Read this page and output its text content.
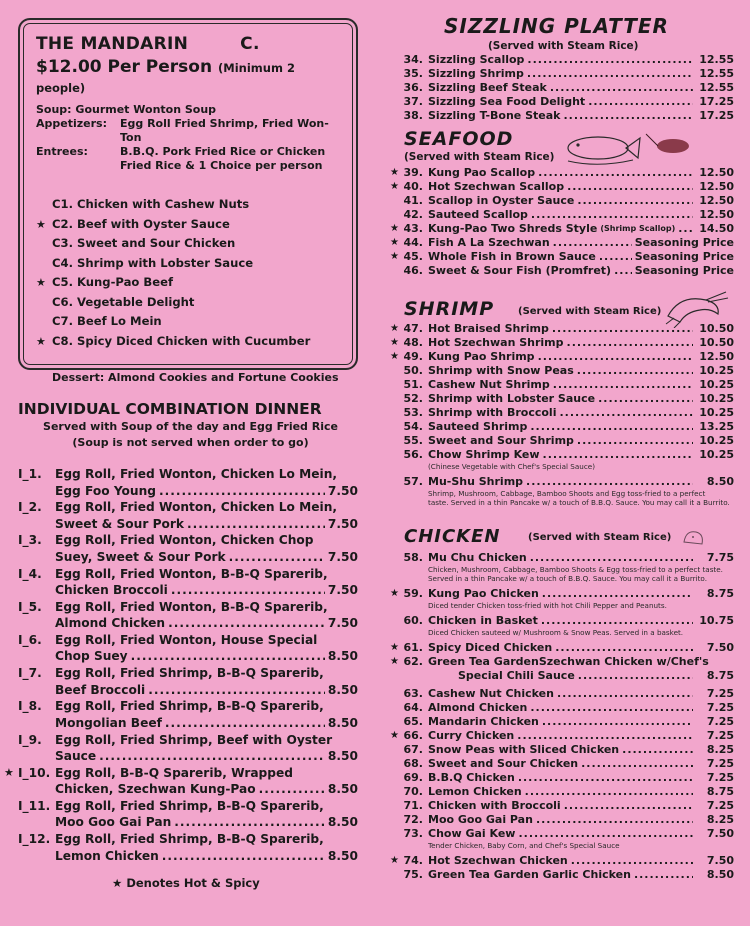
THE MANDARIN	C.
$12.00 Per Person (Minimum 2 people)
Soup: Gourmet Wonton Soup
Appetizers:	Egg Roll Fried Shrimp, Fried Won-Ton
Entrees:	B.B.Q. Pork Fried Rice or Chicken
Fried Rice & 1 Choice per person
C1. Chicken with Cashew Nuts
★ C2. Beef with Oyster Sauce
C3. Sweet and Sour Chicken
C4. Shrimp with Lobster Sauce
★ C5. Kung-Pao Beef
C6. Vegetable Delight
C7. Beef Lo Mein
★ C8. Spicy Diced Chicken with Cucumber
Dessert: Almond Cookies and Fortune Cookies
INDIVIDUAL COMBINATION DINNER
Served with Soup of the day and Egg Fried Rice
(Soup is not served when order to go)
I_1. Egg Roll, Fried Wonton, Chicken Lo Mein,
Egg Foo Young .....	7.50
I_2. Egg Roll, Fried Wonton, Chicken Lo Mein,
Sweet & Sour Pork .....	7.50
I_3. Egg Roll, Fried Wonton, Chicken Chop
Suey, Sweet & Sour Pork .....	7.50
I_4. Egg Roll, Fried Wonton, B-B-Q Sparerib,
Chicken Broccoli .....	7.50
I_5. Egg Roll, Fried Wonton, B-B-Q Sparerib,
Almond Chicken .....	7.50
I_6. Egg Roll, Fried Wonton, House Special
Chop Suey .....	8.50
I_7. Egg Roll, Fried Shrimp, B-B-Q Sparerib,
Beef Broccoli .....	8.50
I_8. Egg Roll, Fried Shrimp, B-B-Q Sparerib,
Mongolian Beef .....	8.50
I_9. Egg Roll, Fried Shrimp, Beef with Oyster
Sauce .....	8.50
★ I_10. Egg Roll, B-B-Q Sparerib, Wrapped
Chicken, Szechwan Kung-Pao .....	8.50
I_11. Egg Roll, Fried Shrimp, B-B-Q Sparerib,
Moo Goo Gai Pan .....	8.50
I_12. Egg Roll, Fried Shrimp, B-B-Q Sparerib,
Lemon Chicken .....	8.50
★ Denotes Hot & Spicy
SIZZLING PLATTER
(Served with Steam Rice)
34. Sizzling Scallop .....	12.55
35. Sizzling Shrimp .....	12.55
36. Sizzling Beef Steak .....	12.55
37. Sizzling Sea Food Delight .....	17.25
38. Sizzling T-Bone Steak .....	17.25
SEAFOOD
(Served with Steam Rice)
★ 39. Kung Pao Scallop .....	12.50
★ 40. Hot Szechwan Scallop .....	12.50
41. Scallop in Oyster Sauce .....	12.50
42. Sauteed Scallop .....	12.50
★ 43. Kung-Pao Two Shreds Style (Shrimp Scallop) ..... 14.50
★ 44. Fish A La Szechwan .....	Seasoning Price
★ 45. Whole Fish in Brown Sauce .....	Seasoning Price
46. Sweet & Sour Fish (Promfret) ..... Seasoning Price
SHRIMP (Served with Steam Rice)
★ 47. Hot Braised Shrimp .....	10.50
★ 48. Hot Szechwan Shrimp .....	10.50
★ 49. Kung Pao Shrimp .....	12.50
50. Shrimp with Snow Peas .....	10.25
51. Cashew Nut Shrimp .....	10.25
52. Shrimp with Lobster Sauce .....	10.25
53. Shrimp with Broccoli .....	10.25
54. Sauteed Shrimp .....	13.25
55. Sweet and Sour Shrimp .....	10.25
56. Chow Shrimp Kew .....	10.25
(Chinese Vegetable with Chef's Special Sauce)
57. Mu-Shu Shrimp .....	8.50
Shrimp, Mushroom, Cabbage, Bamboo Shoots and Egg toss-fried to a perfect
taste. Served in a thin Pancake w/ a touch of B.B.Q. Sauce. You may call it a Burrito.
CHICKEN	(Served with Steam Rice)
58. Mu Chu Chicken .....	7.75
Chicken, Mushroom, Cabbage, Bamboo Shoots & Egg toss-fried to a perfect taste.
Served in a thin Pancake w/ a touch of B.B.Q. Sauce. You may call it a Burrito.
★ 59. Kung Pao Chicken .....	8.75
Diced tender Chicken toss-fried with hot Chili Pepper and Peanuts.
60. Chicken in Basket .....	10.75
Diced Chicken sauteed w/ Mushroom & Snow Peas. Served in a basket.
★ 61. Spicy Diced Chicken .....	7.50
★ 62. Green Tea GardenSzechwan Chicken w/Chef's
Special Chili Sauce .....	8.75
63. Cashew Nut Chicken .....	7.25
64. Almond Chicken .....	7.25
65. Mandarin Chicken .....	7.25
★ 66. Curry Chicken .....	7.25
67. Snow Peas with Sliced Chicken .....	8.25
68. Sweet and Sour Chicken .....	7.25
69. B.B.Q Chicken .....	7.25
70. Lemon Chicken .....	8.75
71. Chicken with Broccoli .....	7.25
72. Moo Goo Gai Pan .....	8.25
73. Chow Gai Kew .....	7.50
Tender Chicken, Baby Corn, and Chef's Special Sauce
★ 74. Hot Szechwan Chicken .....	7.50
75. Green Tea Garden Garlic Chicken .....	8.50
